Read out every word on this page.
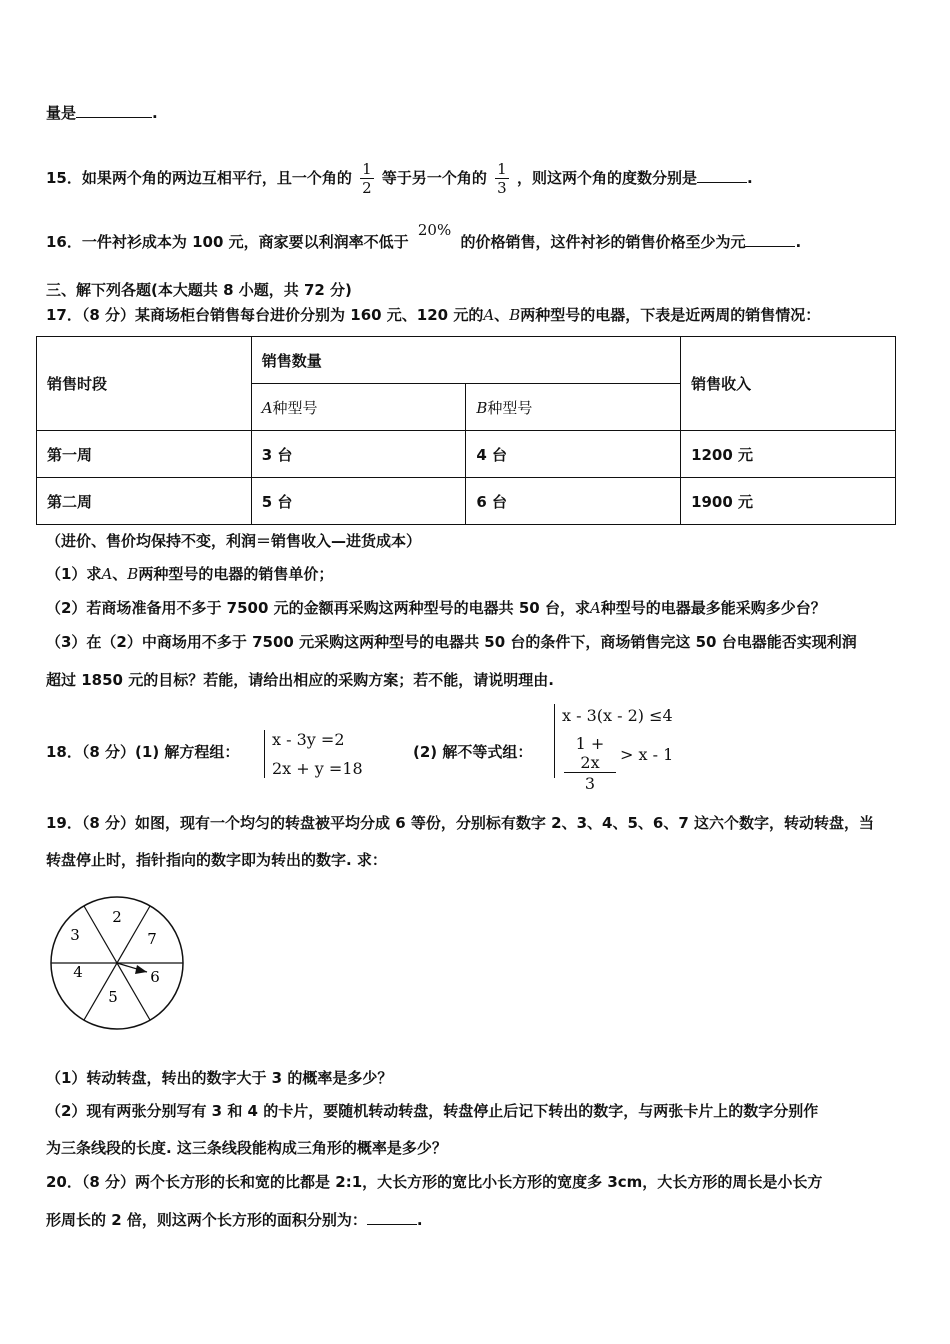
量是	.
15．如果两个角的两边互相平行，且一个角的 $\frac{1}{2}$ 等于另一个角的 $\frac{1}{3}$ ，则这两个角的度数分别是	.
16．一件衬衫成本为 100 元，商家要以利润率不低于 20% 的价格销售，这件衬衫的销售价格至少为元	.
三、解下列各题(本大题共 8 小题，共 72 分)
17．（8 分）某商场柜台销售每台进价分别为 160 元、120 元的A、B两种型号的电器，下表是近两周的销售情况：
销售时段	销售数量		销售收入
	A种型号	B种型号	
第一周	3 台	4 台	1200 元
第二周	5 台	6 台	1900 元
（进价、售价均保持不变，利润＝销售收入—进货成本）
（1）求A、B两种型号的电器的销售单价；
（2）若商场准备用不多于 7500 元的金额再采购这两种型号的电器共 50 台，求A种型号的电器最多能采购多少台？
（3）在（2）中商场用不多于 7500 元采购这两种型号的电器共 50 台的条件下，商场销售完这 50 台电器能否实现利润
超过 1850 元的目标？若能，请给出相应的采购方案；若不能，请说明理由.
18．（8 分）(1) 解方程组：
x - 3y =2
2x + y =18
(2) 解不等式组：
x - 3(x - 2) ≤4
1 + 2x
3
> x - 1
19．（8 分）如图，现有一个均匀的转盘被平均分成 6 等份，分别标有数字 2、3、4、5、6、7 这六个数字，转动转盘，当
转盘停止时，指针指向的数字即为转出的数字. 求：
2
7
6
5
4
3
（1）转动转盘，转出的数字大于 3 的概率是多少？
（2）现有两张分别写有 3 和 4 的卡片，要随机转动转盘，转盘停止后记下转出的数字，与两张卡片上的数字分别作
为三条线段的长度. 这三条线段能构成三角形的概率是多少？
20．（8 分）两个长方形的长和宽的比都是 2:1，大长方形的宽比小长方形的宽度多 3cm，大长方形的周长是小长方
形周长的 2 倍，则这两个长方形的面积分别为：	.
